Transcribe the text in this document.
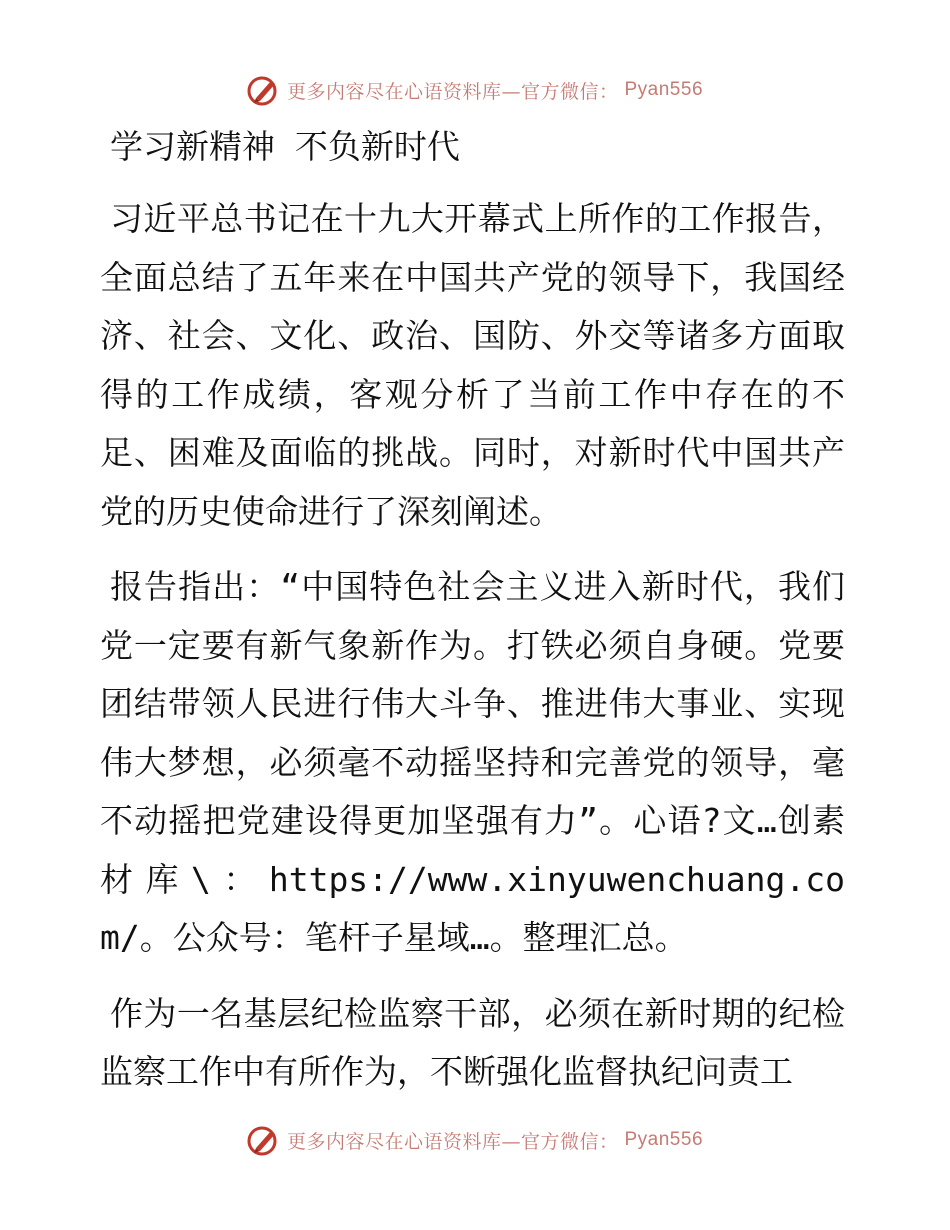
更多内容尽在心语资料库—官方微信： Pyan556
学习新精神 不负新时代

习近平总书记在十九大开幕式上所作的工作报告，全面总结了五年来在中国共产党的领导下，我国经济、社会、文化、政治、国防、外交等诸多方面取得的工作成绩，客观分析了当前工作中存在的不足、困难及面临的挑战。同时，对新时代中国共产党的历史使命进行了深刻阐述。

报告指出：“中国特色社会主义进入新时代，我们党一定要有新气象新作为。打铁必须自身硬。党要团结带领人民进行伟大斗争、推进伟大事业、实现伟大梦想，必须毫不动摇坚持和完善党的领导，毫不动摇把党建设得更加坚强有力”。心语?文…创素材库\：https://www.xinyuwenchuang.com/。公众号：笔杆子星域…。整理汇总。

作为一名基层纪检监察干部，必须在新时期的纪检监察工作中有所作为，不断强化监督执纪问责工

更多内容尽在心语资料库—官方微信： Pyan556
